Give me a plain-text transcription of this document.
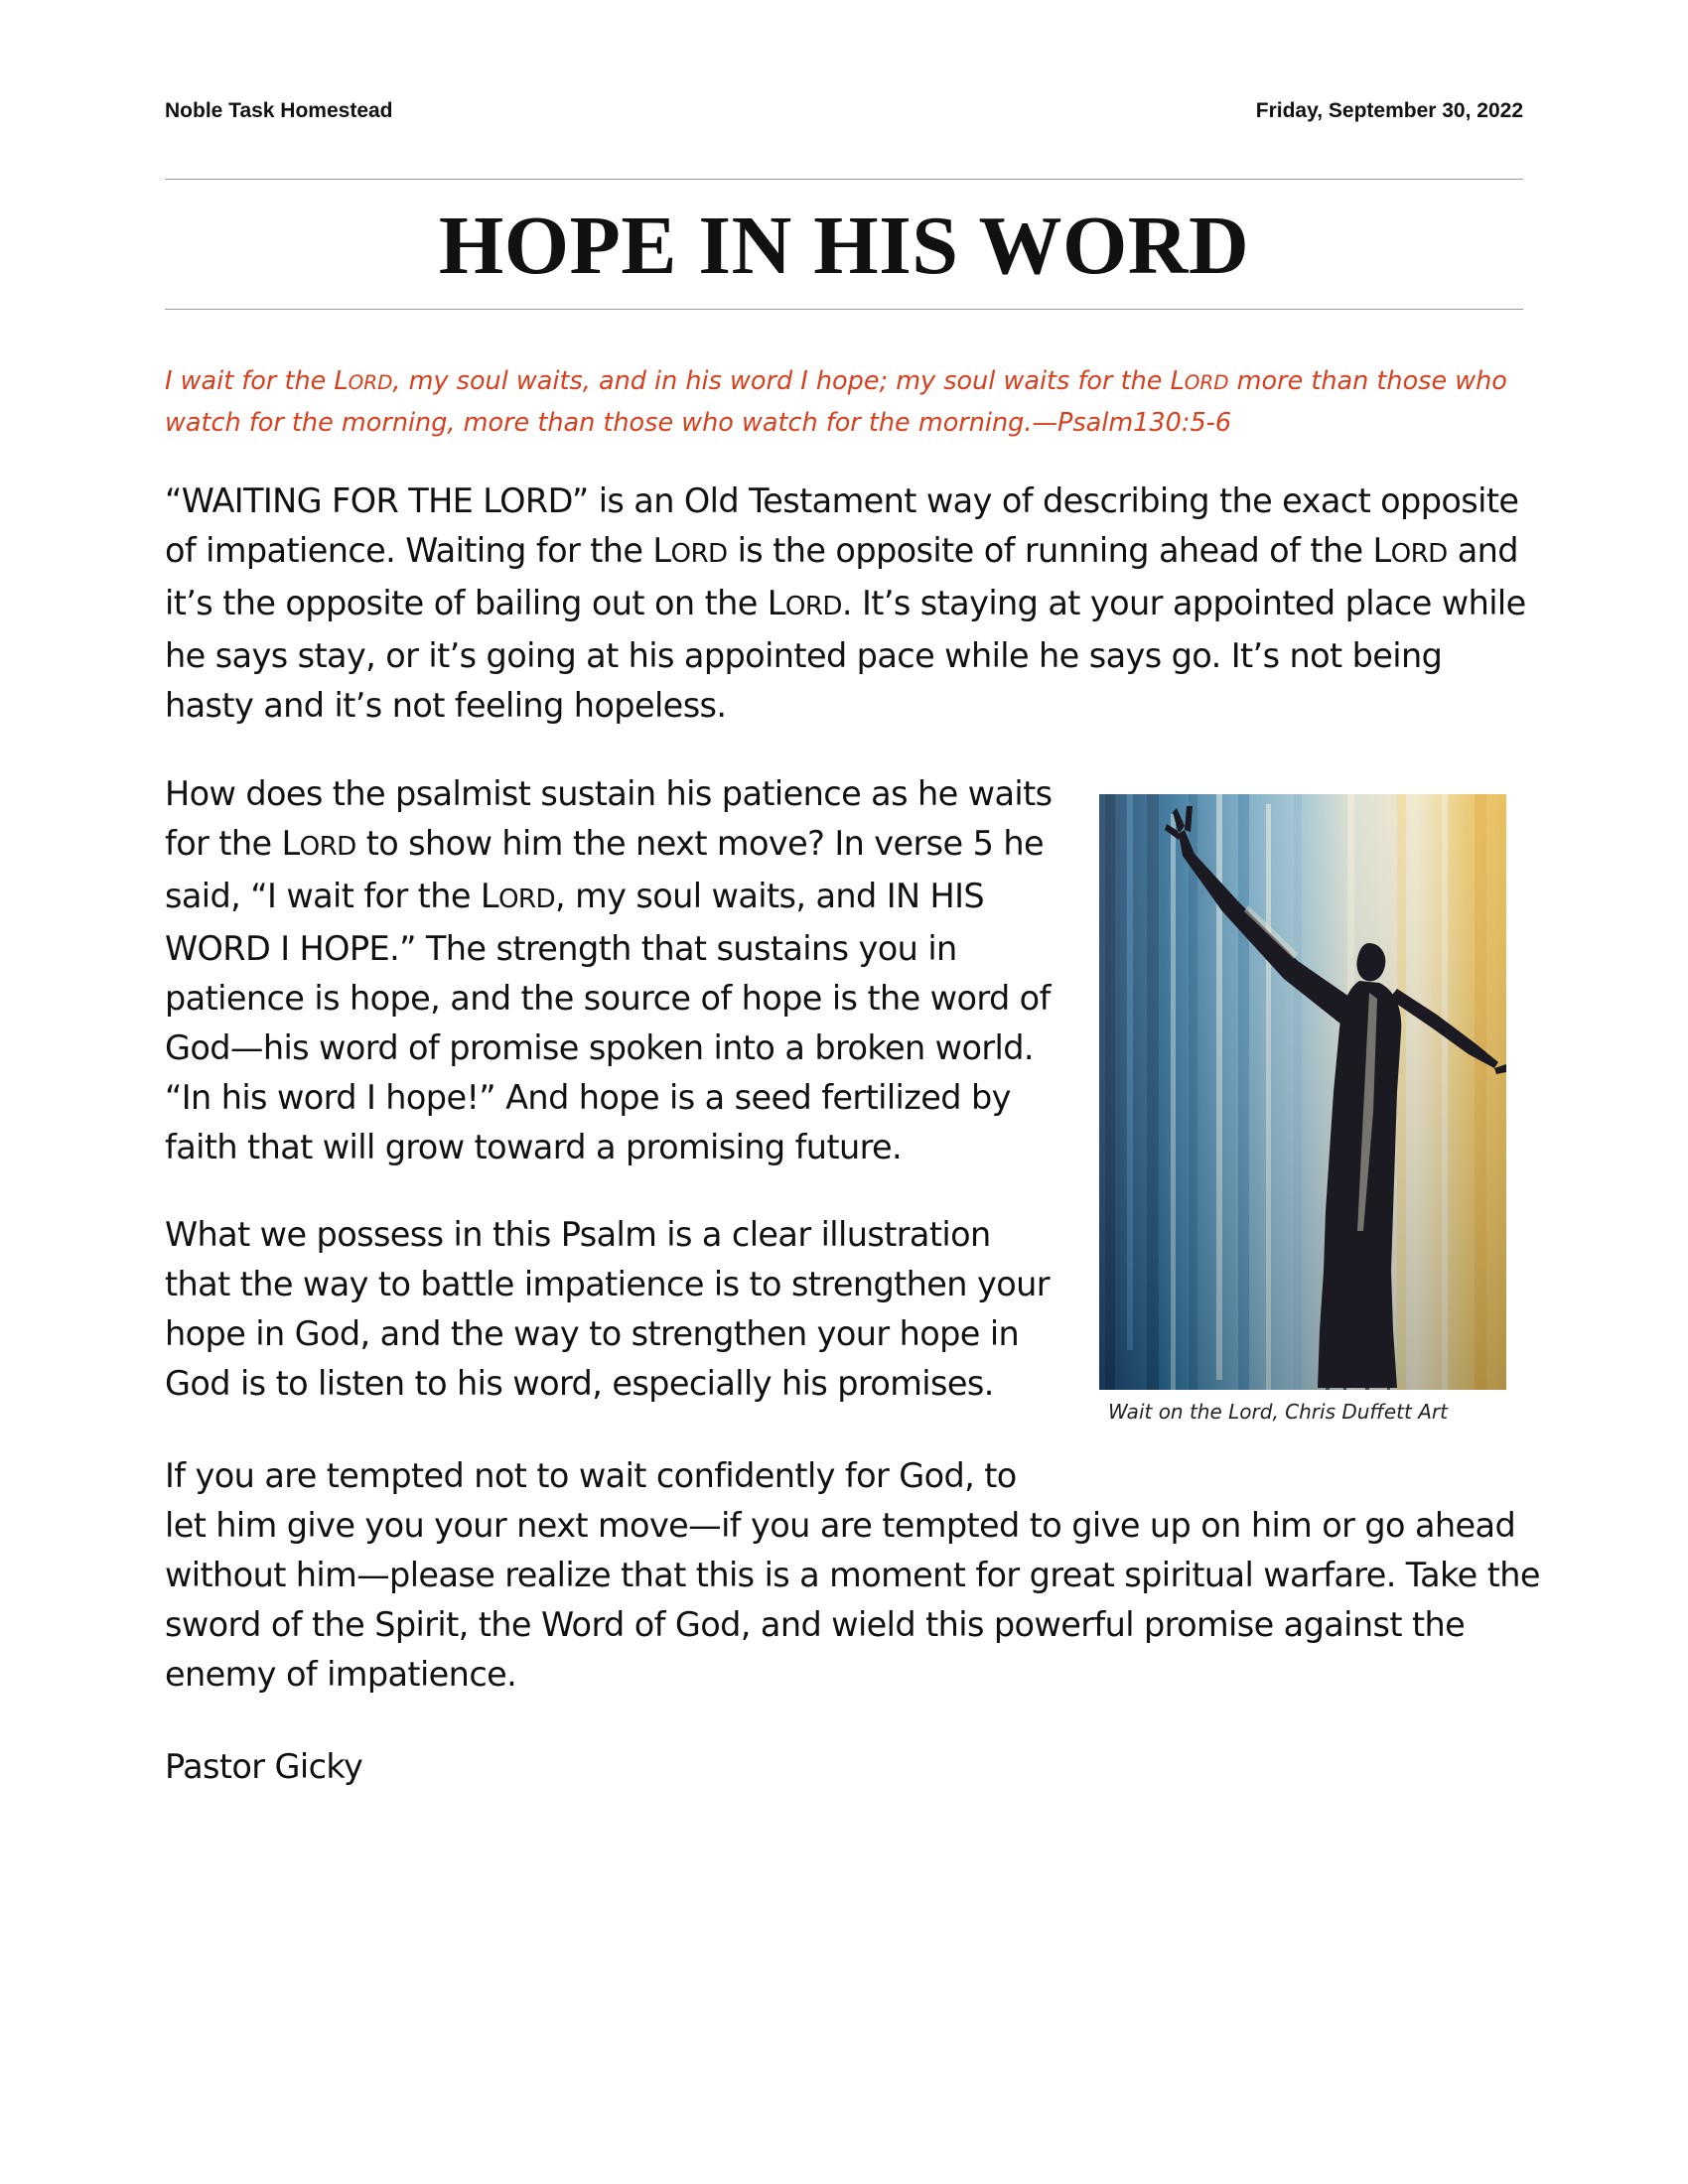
Noble Task Homestead	Friday, September 30, 2022
HOPE IN HIS WORD

I wait for the LORD, my soul waits, and in his word I hope; my soul waits for the LORD more than those who watch for the morning, more than those who watch for the morning.—Psalm130:5-6

“WAITING FOR THE LORD” is an Old Testament way of describing the exact opposite of impatience. Waiting for the LORD is the opposite of running ahead of the LORD and it’s the opposite of bailing out on the LORD. It’s staying at your appointed place while he says stay, or it’s going at his appointed pace while he says go. It’s not being hasty and it’s not feeling hopeless.

How does the psalmist sustain his patience as he waits for the LORD to show him the next move? In verse 5 he said, “I wait for the LORD, my soul waits, and IN HIS WORD I HOPE.” The strength that sustains you in patience is hope, and the source of hope is the word of God—his word of promise spoken into a broken world. “In his word I hope!” And hope is a seed fertilized by faith that will grow toward a promising future.

What we possess in this Psalm is a clear illustration that the way to battle impatience is to strengthen your hope in God, and the way to strengthen your hope in God is to listen to his word, especially his promises.

Wait on the Lord, Chris Duffett Art

If you are tempted not to wait confidently for God, to
let him give you your next move—if you are tempted to give up on him or go ahead without him—please realize that this is a moment for great spiritual warfare. Take the sword of the Spirit, the Word of God, and wield this powerful promise against the enemy of impatience.

Pastor Gicky
